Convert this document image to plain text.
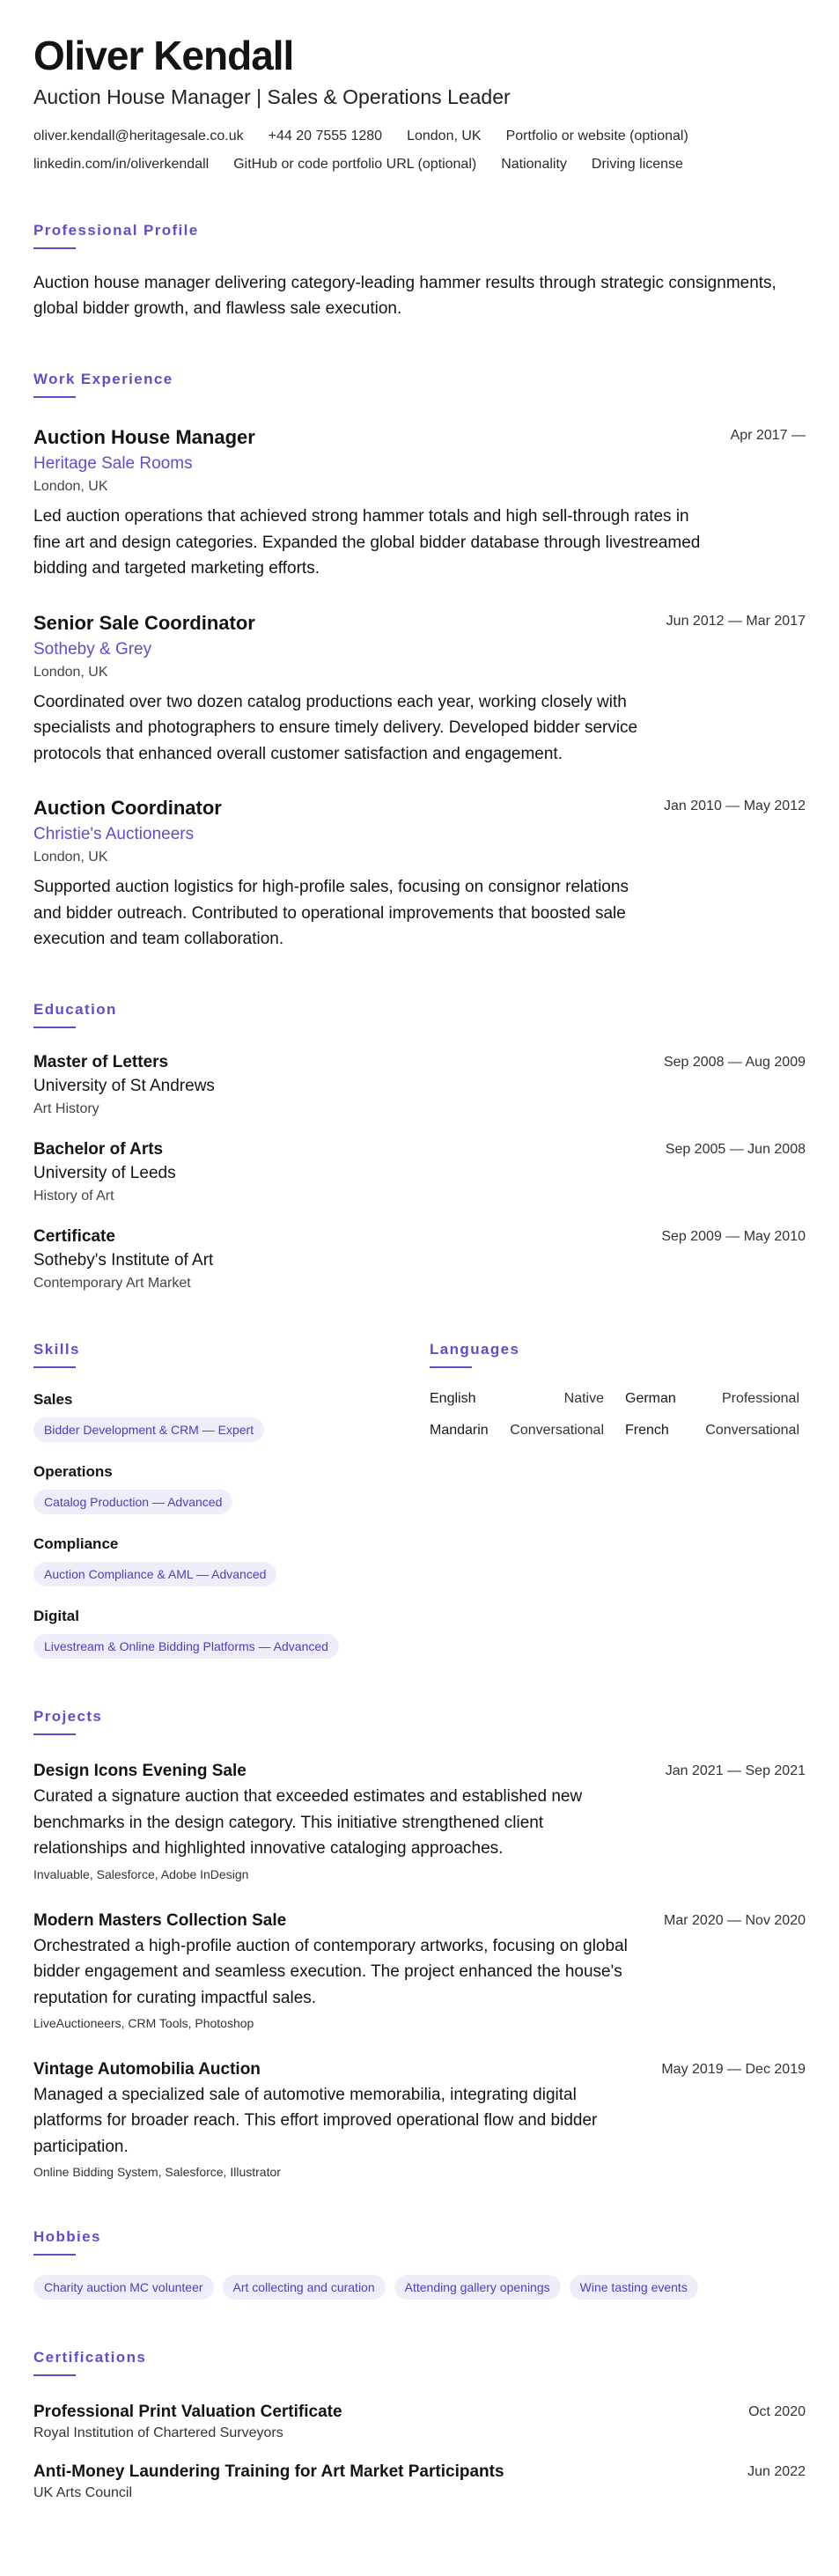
Oliver Kendall
Auction House Manager | Sales & Operations Leader
oliver.kendall@heritagesale.co.uk +44 20 7555 1280 London, UK Portfolio or website (optional)
linkedin.com/in/oliverkendall GitHub or code portfolio URL (optional) Nationality Driving license
Professional Profile

Auction house manager delivering category-leading hammer results through strategic consignments, global bidder growth, and flawless sale execution.

Work Experience
Auction House Manager
Heritage Sale Rooms
London, UK

Led auction operations that achieved strong hammer totals and high sell-through rates in fine art and design categories. Expanded the global bidder database through livestreamed bidding and targeted marketing efforts.

Apr 2017 —
Senior Sale Coordinator
Sotheby & Grey
London, UK

Coordinated over two dozen catalog productions each year, working closely with specialists and photographers to ensure timely delivery. Developed bidder service protocols that enhanced overall customer satisfaction and engagement.

Jun 2012 — Mar 2017
Auction Coordinator
Christie's Auctioneers
London, UK

Supported auction logistics for high-profile sales, focusing on consignor relations and bidder outreach. Contributed to operational improvements that boosted sale execution and team collaboration.

Jan 2010 — May 2012
Education
Master of Letters
University of St Andrews
Art History
Sep 2008 — Aug 2009
Bachelor of Arts
University of Leeds
History of Art
Sep 2005 — Jun 2008
Certificate
Sotheby's Institute of Art
Contemporary Art Market
Sep 2009 — May 2010
Skills
Sales
Bidder Development & CRM — Expert
Operations
Catalog Production — Advanced
Compliance
Auction Compliance & AML — Advanced
Digital
Livestream & Online Bidding Platforms — Advanced
Languages
English	Native German	Professional
Mandarin Conversational French	Conversational
Projects
Design Icons Evening Sale

Curated a signature auction that exceeded estimates and established new benchmarks in the design category. This initiative strengthened client relationships and highlighted innovative cataloging approaches.

Invaluable, Salesforce, Adobe InDesign
Jan 2021 — Sep 2021
Modern Masters Collection Sale

Orchestrated a high-profile auction of contemporary artworks, focusing on global bidder engagement and seamless execution. The project enhanced the house's reputation for curating impactful sales.

LiveAuctioneers, CRM Tools, Photoshop
Mar 2020 — Nov 2020
Vintage Automobilia Auction

Managed a specialized sale of automotive memorabilia, integrating digital platforms for broader reach. This effort improved operational flow and bidder participation.

Online Bidding System, Salesforce, Illustrator
May 2019 — Dec 2019
Hobbies
Charity auction MC volunteer	Art collecting and curation	Attending gallery openings	Wine tasting events
Certifications
Professional Print Valuation Certificate
Royal Institution of Chartered Surveyors
Oct 2020
Anti-Money Laundering Training for Art Market Participants
UK Arts Council
Jun 2022
